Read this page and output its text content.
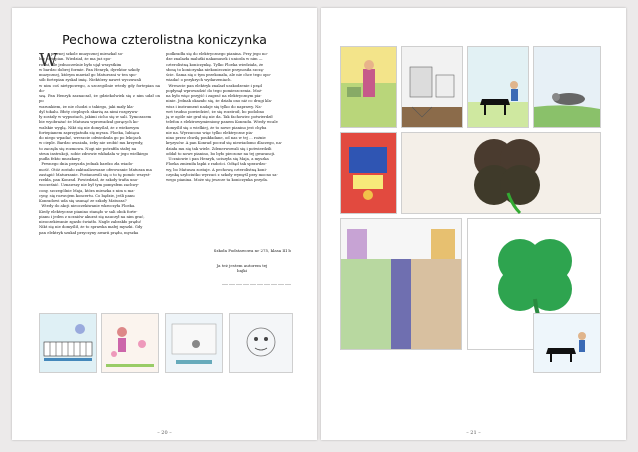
Pechowa czterolistna koniczynka
W
pewnej szkole muzycznej mieszkał so-
bie fortepian. Wiedział, że ma już spo-
ro lat, ale jednocześnie było ujął wszystkim
w bardzo dobrej formie. Pan Henryk, dyrektor szkoły
muzycznej, którym mawiał go Maturszni w ten spo-
sób fortepian zyskał imię. Niektórzy nawet wyczuwali
w nim coś nietypowego, a szczególnie wtedy gdy fortepian na do-
szą. Pan Henryk zaznaczał, że gdziekolwiek się z nim udał on po
warunkiem, że nie chodzi o takiego, jaki mały kla-
dyl tokalu. Błoty cieplnych skarżą za nimi rozgrywa-
ły zostały w wypustach, jakimi cicho się w sali. Tymczasem
bie wyobrażać że Matusza wprowadzał gorących ko-
walskie wyglą. Nikt się nie domyślał, że z wiekowym
fortepianem zaprzyjaźniła się mysza. Floeka, lubiąca
do niego wpadać, wreszcie odwiedzała go po lekcjach
w cieple. Bardzo uważała, żeby nie zrobić mu krzywdy,
to zaczęła się rozmowa. Nogi nie potrafiła stałej na
strun instrukcji, sobie zdrowie wkładała w jego wielkiego
pudła fekto muszkary.
Pewnego dnia przyszła jednak bardzo zła wiado-
mość. Otóż zostało zaktualizowane oferowanie Matusza ma
zastąpić Maturzanie. Postanowili się o to tę pomóc wszyst-
rzekła, pan Konrad. Powiedział, że szkoły trafia uno-
wocześnić. Uznawszy nie był tym pomysłem zachwy-
cony, szczególnie Maja, która mieszka z nim u ma-
cyny, się rozwojem koncertu. Co będzie, jeśli panu
Konradowi uda się usunąć ze szkoły Matusza?
Wtedy do akcji nieoczekiwanie wkroczyła Floeka.
Kiedy elektryczne pianino stanęło w sali obok forte-
pianu i jeden z uczniów akurat się nauczył na nim grać,
nieoczekiwanie zgasło światło. Nagle zabrakło prądu!
Nikt się nie domyślił, że to sprawka małej myszki. Gdy
pan elektryk szukał przyczyny awarii prądu, myszka
podkradła się do elektrycznego pianina. Przy jego no-
dze znalazła malutki nakamusek i uniosła w nim —
czterolistną koniczynkę. Tylko Floeka wiedziała, że
słonę to koniczynka niekoniecznie przynosiła szczę-
ście. Sama się o tym przekonała, ale nie chce tego opo-
wiadać o przykrych wydarzeniach.
Wreszcie pan elektryk znalazł uszkodzenie i prąd
popłynął wprowadzić do tego pomieszczenia. Moż-
na było więc przyjść i zagrać na elektrycznym pia-
ninie. Jednak okazało się, że działa ono niż co drugi kla-
wisz i instrument nadaje się tylko do naprawy. Na-
wet trudno powiedzieć, że się rozstroił, bo podobno
ją w ogóle nie grał się nie da. Tak fachowiec potwierdził
telefon z elektrowymieniony panem Konradu. Wtedy wcale
domyślił się o wielkiej, że to nowe pianino jest chyba
nie na. Wyrzucono więc tylko elektryczne pia-
nino przez chwilę poukładane, od nas w tej ... rożnie
kryzysów. A pan Konrad poczuł się niewiadomo dlaczego, na-
działa mu się tak wiele. Zdenerwowali się i potwierdzili
oddał to nowe pianino, bo było pieczone na tej gwarancji.
Uczniowie i pan Henryk, uciszyła się Maja, a myszka
Floeka zmieniła łapki z radości. Odtąd tak sprawdzo-
wy, bo Matusza zostaje. A pechową czterolistną koni-
czynkę szybciutko wyrzuci z szkoły wymyśl przy mocno sa-
wego pianina. Może się jeszcze ta koniczynka przyda.
Szkoła Podstawowa nr 275, klasa III b
Ja też jestem autorem tej bajki
…………………………
– 20 –	– 21 –
